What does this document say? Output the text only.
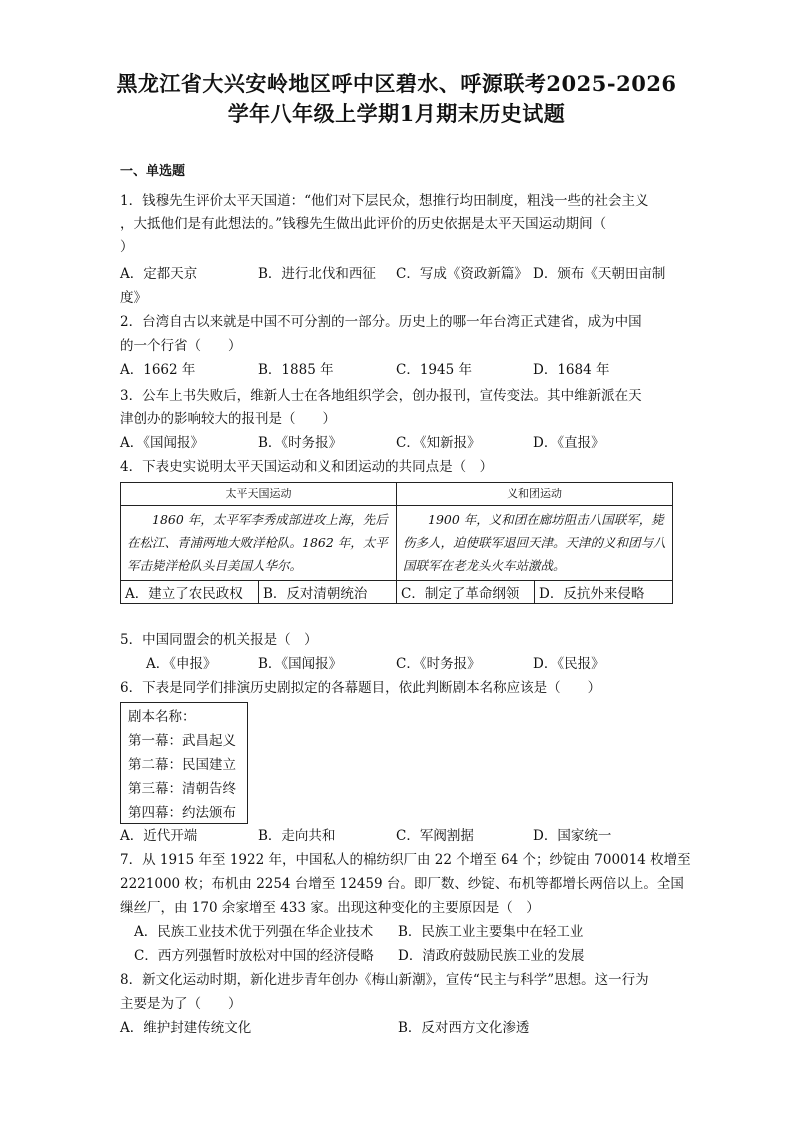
黑龙江省大兴安岭地区呼中区碧水、呼源联考2025-2026
学年八年级上学期1月期末历史试题
一、单选题
1．钱穆先生评价太平天国道：“他们对下层民众，想推行均田制度，粗浅一些的社会主义
，大抵他们是有此想法的。”钱穆先生做出此评价的历史依据是太平天国运动期间（
）
A．定都天京	B．进行北伐和西征 C．写成《资政新篇》 D．颁布《天朝田亩制
度》
2．台湾自古以来就是中国不可分割的一部分。历史上的哪一年台湾正式建省，成为中国
的一个行省（　　）
A．1662 年	B．1885 年	C．1945 年	D．1684 年
3．公车上书失败后，维新人士在各地组织学会，创办报刊，宣传变法。其中维新派在天
津创办的影响较大的报刊是（　　）
A．《国闻报》	B．《时务报》	C．《知新报》	D．《直报》
4．下表史实说明太平天国运动和义和团运动的共同点是（　）
太平天国运动	义和团运动
　　1860 年，太平军李秀成部进攻上海，先后在松江、青浦两地大败洋枪队。1862 年，太平军击毙洋枪队头目美国人华尔。	　　1900 年，义和团在廊坊阻击八国联军，毙伤多人，迫使联军退回天津。天津的义和团与八国联军在老龙头火车站激战。
A．建立了农民政权	B．反对清朝统治	C．制定了革命纲领	D．反抗外来侵略
5．中国同盟会的机关报是（　）
A．《申报》	B．《国闻报》	C．《时务报》	D．《民报》
6．下表是同学们排演历史剧拟定的各幕题目，依此判断剧本名称应该是（　　）
剧本名称：
第一幕：武昌起义
第二幕：民国建立
第三幕：清朝告终
第四幕：约法颁布
A．近代开端	B．走向共和	C．军阀割据	D．国家统一
7．从 1915 年至 1922 年，中国私人的棉纺织厂由 22 个增至 64 个；纱锭由 700014 枚增至
2221000 枚；布机由 2254 台增至 12459 台。即厂数、纱锭、布机等都增长两倍以上。全国
缫丝厂，由 170 余家增至 433 家。出现这种变化的主要原因是（　）
A．民族工业技术优于列强在华企业技术 B．民族工业主要集中在轻工业
C．西方列强暂时放松对中国的经济侵略 D．清政府鼓励民族工业的发展
8．新文化运动时期，新化进步青年创办《梅山新潮》，宣传“民主与科学”思想。这一行为
主要是为了（　　）
A．维护封建传统文化	B．反对西方文化渗透
